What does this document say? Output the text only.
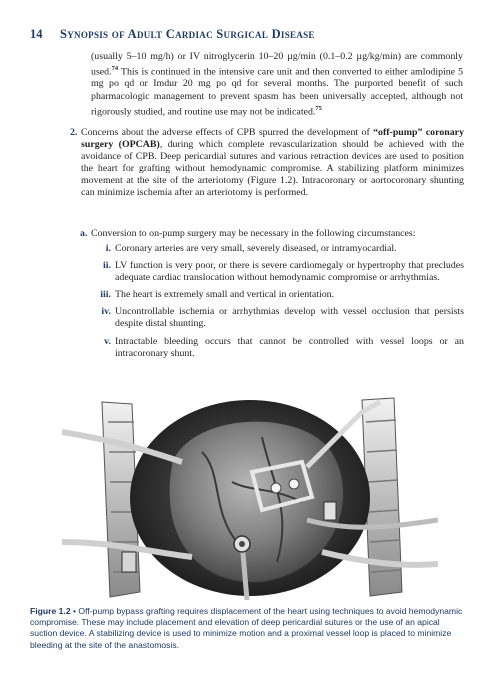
14 Synopsis of Adult Cardiac Surgical Disease
(usually 5–10 mg/h) or IV nitroglycerin 10–20 µg/min (0.1–0.2 µg/kg/min) are commonly used.$^{74}$ This is continued in the intensive care unit and then converted to either amlodipine 5 mg po qd or Imdur 20 mg po qd for several months. The purported benefit of such pharmacologic management to prevent spasm has been universally accepted, although not rigorously studied, and routine use may not be indicated.$^{75}$
2. Concerns about the adverse effects of CPB spurred the development of “off-pump” coronary surgery (OPCAB), during which complete revascularization should be achieved with the avoidance of CPB. Deep pericardial sutures and various retraction devices are used to position the heart for grafting without hemodynamic compromise. A stabilizing platform minimizes movement at the site of the arteriotomy (Figure 1.2). Intracoronary or aortocoronary shunting can minimize ischemia after an arteriotomy is performed.
a. Conversion to on-pump surgery may be necessary in the following circumstances:
i. Coronary arteries are very small, severely diseased, or intramyocardial.
ii. LV function is very poor, or there is severe cardiomegaly or hypertrophy that precludes adequate cardiac translocation without hemodynamic compromise or arrhythmias.
iii. The heart is extremely small and vertical in orientation.
iv. Uncontrollable ischemia or arrhythmias develop with vessel occlusion that persists despite distal shunting.
v. Intractable bleeding occurs that cannot be controlled with vessel loops or an intracoronary shunt.
Figure 1.2 • Off-pump bypass grafting requires displacement of the heart using techniques to avoid hemodynamic compromise. These may include placement and elevation of deep pericardial sutures or the use of an apical suction device. A stabilizing device is used to minimize motion and a proximal vessel loop is placed to minimize bleeding at the site of the anastomosis.
